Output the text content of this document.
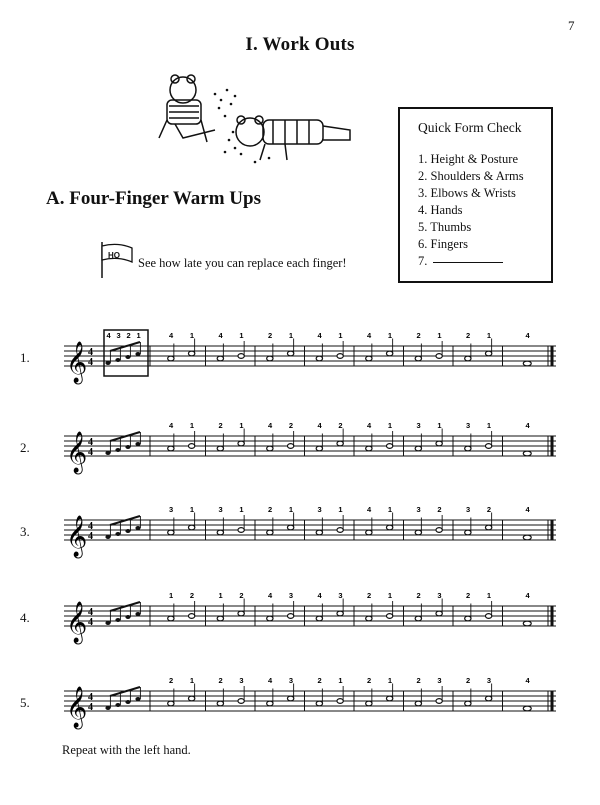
7
I. Work Outs
A. Four-Finger Warm Ups
HO
See how late you can replace each finger!
Quick Form Check
1. Height & Posture
2. Shoulders & Arms
3. Elbows & Wrists
4. Hands
5. Thumbs
6. Fingers
7.
1. 𝄞 4
4
4 3 2 1	4 1	4 1	2 1	4 1	4 1	2 1	2 1	4
2. 𝄞 4
4
4 1	2 1	4 2	4 2	4 1	3 1	3 1	4
3. 𝄞 4
4
3 1	3 1	2 1	3 1	4 1	3 2	3 2	4
4. 𝄞 4
4
1 2	1 2	4 3	4 3	2 1	2 3	2 1	4
5. 𝄞 4
4
2 1	2 3	4 3	2 1	2 1	2 3	2 3	4
Repeat with the left hand.
